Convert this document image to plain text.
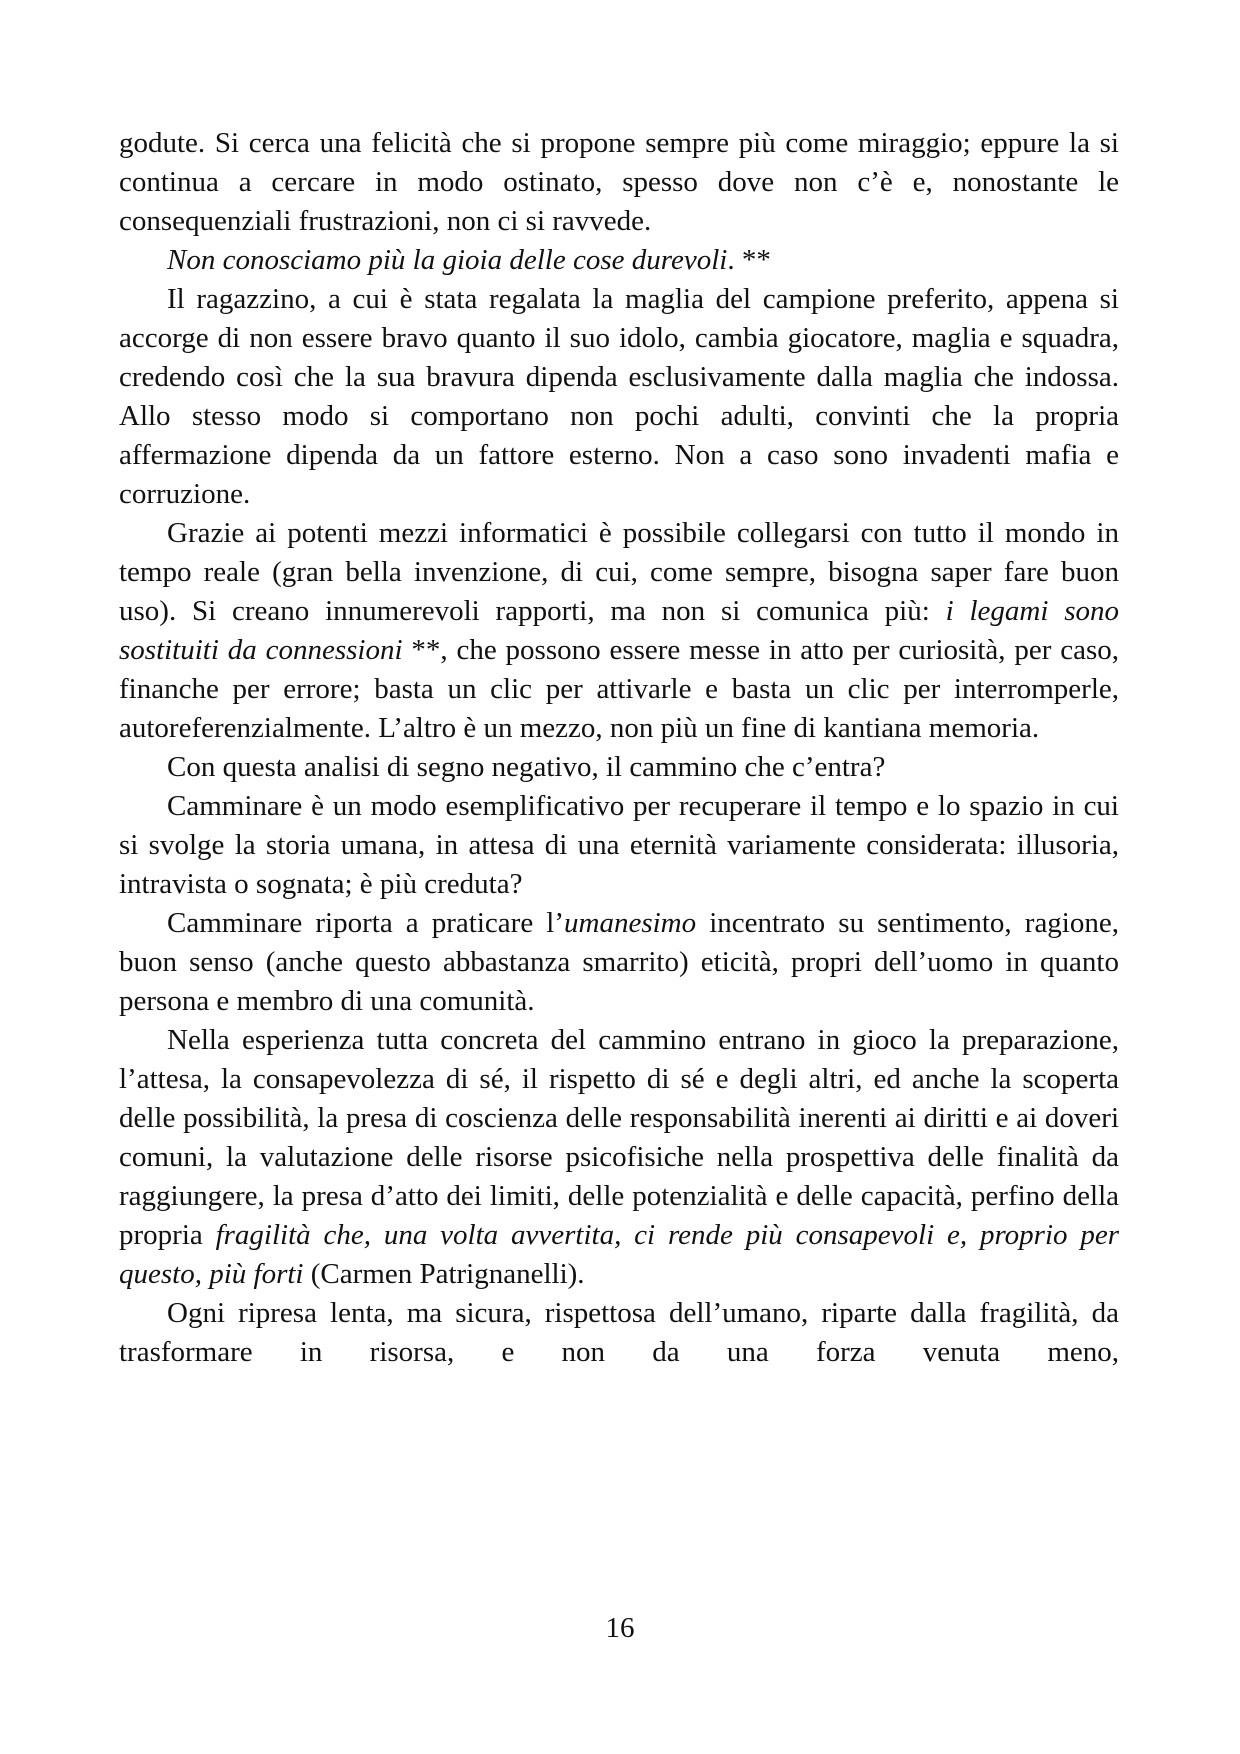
godute. Si cerca una felicità che si propone sempre più come miraggio; eppure la si continua a cercare in modo ostinato, spesso dove non c’è e, nonostante le consequenziali frustrazioni, non ci si ravvede.

Non conosciamo più la gioia delle cose durevoli. **

Il ragazzino, a cui è stata regalata la maglia del campione preferito, appena si accorge di non essere bravo quanto il suo idolo, cambia giocatore, maglia e squadra, credendo così che la sua bravura dipenda esclusivamente dalla maglia che indossa. Allo stesso modo si comportano non pochi adulti, convinti che la propria affermazione dipenda da un fattore esterno. Non a caso sono invadenti mafia e corruzione.

Grazie ai potenti mezzi informatici è possibile collegarsi con tutto il mondo in tempo reale (gran bella invenzione, di cui, come sempre, bisogna saper fare buon uso). Si creano innumerevoli rapporti, ma non si comunica più: i legami sono sostituiti da connessioni **, che possono essere messe in atto per curiosità, per caso, finanche per errore; basta un clic per attivarle e basta un clic per interromperle, autoreferenzialmente. L’altro è un mezzo, non più un fine di kantiana memoria.

Con questa analisi di segno negativo, il cammino che c’entra?

Camminare è un modo esemplificativo per recuperare il tempo e lo spazio in cui si svolge la storia umana, in attesa di una eternità variamente considerata: illusoria, intravista o sognata; è più creduta?

Camminare riporta a praticare l’umanesimo incentrato su sentimento, ragione, buon senso (anche questo abbastanza smarrito) eticità, propri dell’uomo in quanto persona e membro di una comunità.

Nella esperienza tutta concreta del cammino entrano in gioco la preparazione, l’attesa, la consapevolezza di sé, il rispetto di sé e degli altri, ed anche la scoperta delle possibilità, la presa di coscienza delle responsabilità inerenti ai diritti e ai doveri comuni, la valutazione delle risorse psicofisiche nella prospettiva delle finalità da raggiungere, la presa d’atto dei limiti, delle potenzialità e delle capacità, perfino della propria fragilità che, una volta avvertita, ci rende più consapevoli e, proprio per questo, più forti (Carmen Patrignanelli).

Ogni ripresa lenta, ma sicura, rispettosa dell’umano, riparte dalla fragilità, da trasformare in risorsa, e non da una forza venuta meno,

16
